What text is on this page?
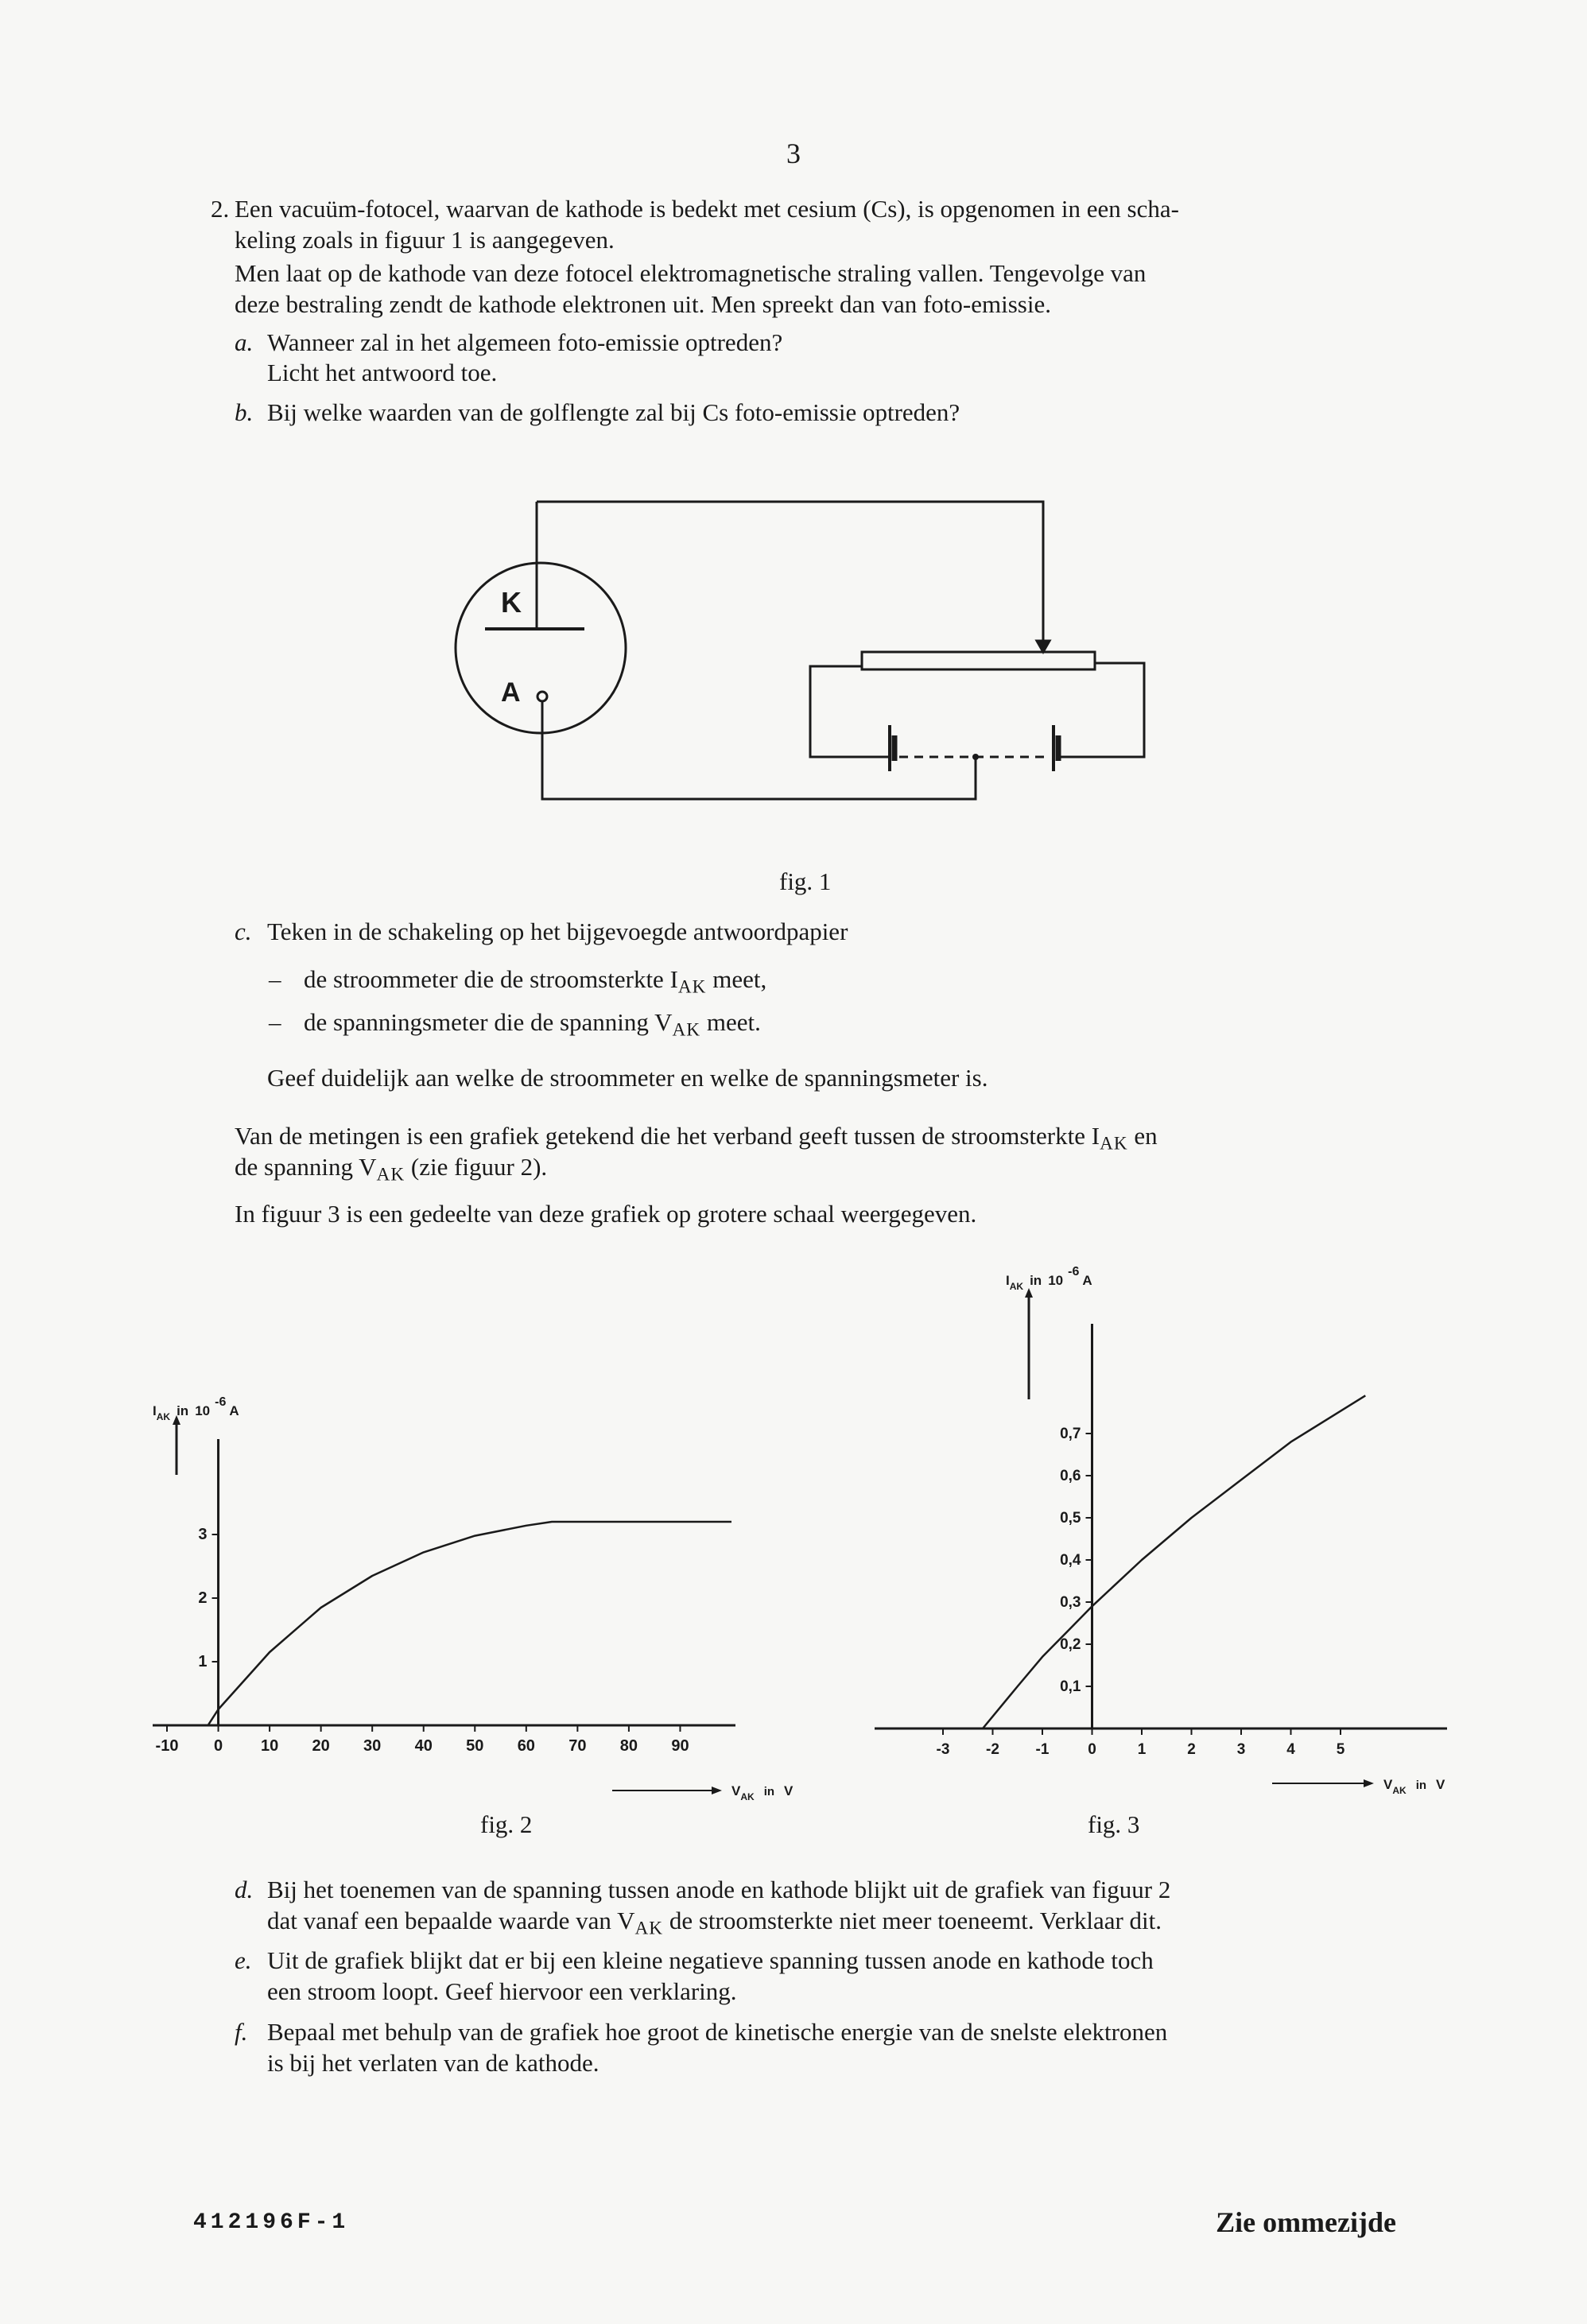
3
2. Een vacuüm-fotocel, waarvan de kathode is bedekt met cesium (Cs), is opgenomen in een scha-
keling zoals in figuur 1 is aangegeven.
Men laat op de kathode van deze fotocel elektromagnetische straling vallen. Tengevolge van
deze bestraling zendt de kathode elektronen uit. Men spreekt dan van foto-emissie.
a. Wanneer zal in het algemeen foto-emissie optreden?
Licht het antwoord toe.
b. Bij welke waarden van de golflengte zal bij Cs foto-emissie optreden?
K
A
fig. 1
c. Teken in de schakeling op het bijgevoegde antwoordpapier
– de stroommeter die de stroomsterkte $I_{AK}$ meet,
– de spanningsmeter die de spanning $V_{AK}$ meet.
Geef duidelijk aan welke de stroommeter en welke de spanningsmeter is.
Van de metingen is een grafiek getekend die het verband geeft tussen de stroomsterkte $I_{AK}$ en
de spanning $V_{AK}$ (zie figuur 2).
In figuur 3 is een gedeelte van deze grafiek op grotere schaal weergegeven.
$I_{AK}$ in 10-6A
-10 0 10 20 30 40 50 60 70 80 90
1
2
3
$V_{AK}$ in V
fig. 2
$I_{AK}$ in 10-6A
-3 -2 -1	0	1	2	3	4	5
0,1
0,2
0,3
0,4
0,5
0,6
0,7
$V_{AK}$ in V
fig. 3
d. Bij het toenemen van de spanning tussen anode en kathode blijkt uit de grafiek van figuur 2
dat vanaf een bepaalde waarde van $V_{AK}$ de stroomsterkte niet meer toeneemt. Verklaar dit.
e. Uit de grafiek blijkt dat er bij een kleine negatieve spanning tussen anode en kathode toch
een stroom loopt. Geef hiervoor een verklaring.
f. Bepaal met behulp van de grafiek hoe groot de kinetische energie van de snelste elektronen
is bij het verlaten van de kathode.
412196F-1	Zie ommezijde
